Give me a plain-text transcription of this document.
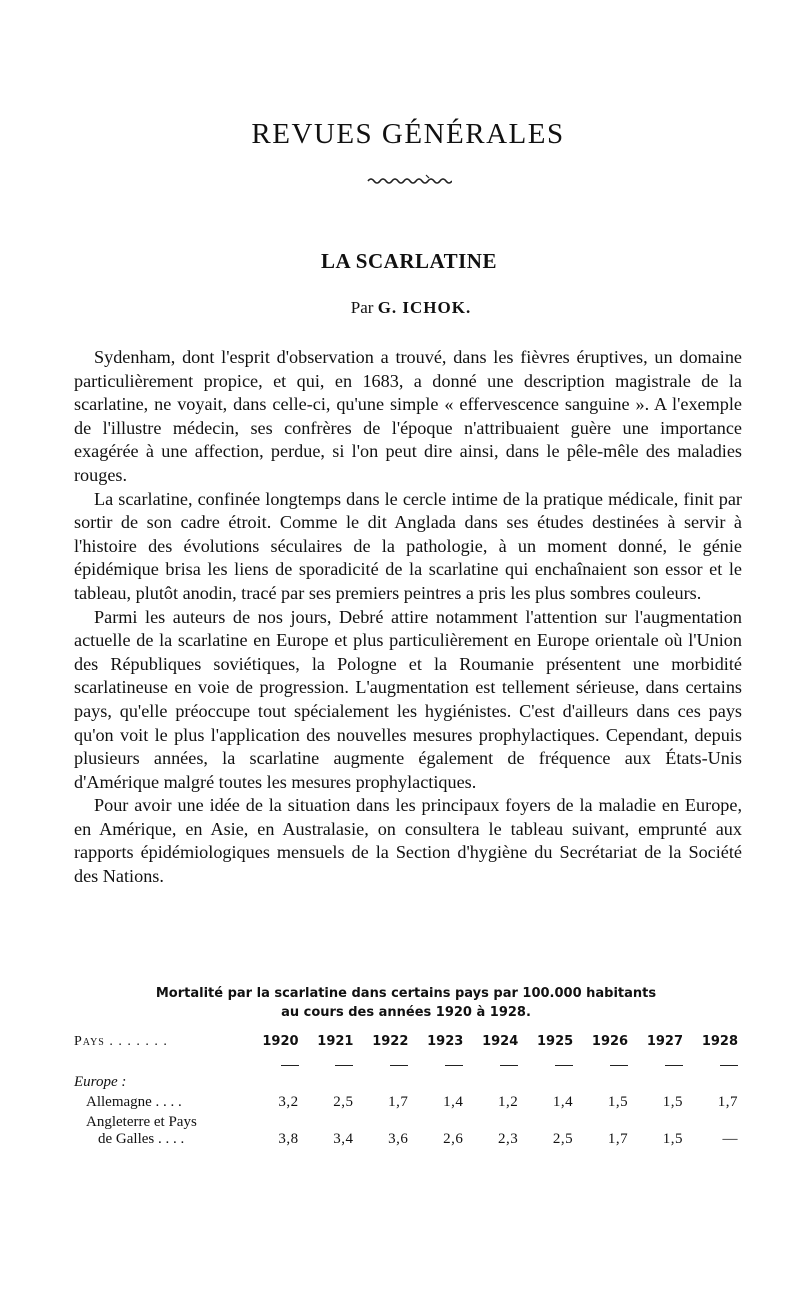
REVUES GÉNÉRALES
LA SCARLATINE

Par G. ICHOK.

Sydenham, dont l'esprit d'observation a trouvé, dans les fièvres éruptives, un domaine particulièrement propice, et qui, en 1683, a donné une description magistrale de la scarlatine, ne voyait, dans celle-ci, qu'une simple « effervescence sanguine ». A l'exemple de l'illustre médecin, ses confrères de l'époque n'attribuaient guère une importance exagérée à une affection, perdue, si l'on peut dire ainsi, dans le pêle-mêle des maladies rouges.

La scarlatine, confinée longtemps dans le cercle intime de la pratique médicale, finit par sortir de son cadre étroit. Comme le dit Anglada dans ses études destinées à servir à l'histoire des évolutions séculaires de la pathologie, à un moment donné, le génie épidémique brisa les liens de sporadicité de la scarlatine qui enchaînaient son essor et le tableau, plutôt anodin, tracé par ses premiers peintres a pris les plus sombres couleurs.

Parmi les auteurs de nos jours, Debré attire notamment l'attention sur l'augmentation actuelle de la scarlatine en Europe et plus particulièrement en Europe orientale où l'Union des Républiques soviétiques, la Pologne et la Roumanie présentent une morbidité scarlatineuse en voie de progression. L'augmentation est tellement sérieuse, dans certains pays, qu'elle préoccupe tout spécialement les hygiénistes. C'est d'ailleurs dans ces pays qu'on voit le plus l'application des nouvelles mesures prophylactiques. Cependant, depuis plusieurs années, la scarlatine augmente également de fréquence aux États-Unis d'Amérique malgré toutes les mesures prophylactiques.

Pour avoir une idée de la situation dans les principaux foyers de la maladie en Europe, en Amérique, en Asie, en Australasie, on consultera le tableau suivant, emprunté aux rapports épidémiologiques mensuels de la Section d'hygiène du Secrétariat de la Société des Nations.

Mortalité par la scarlatine dans certains pays par 100.000 habitants
au cours des années 1920 à 1928.
Pays . . . . . . .	1920	1921	1922	1923	1924	1925	1926	1927	1928

Europe :									
Allemagne . . . .	3,2	2,5	1,7	1,4	1,2	1,4	1,5	1,5	1,7

Angleterre et Pays
de Galles . . . .	3,8	3,4	3,6	2,6	2,3	2,5	1,7	1,5	—
